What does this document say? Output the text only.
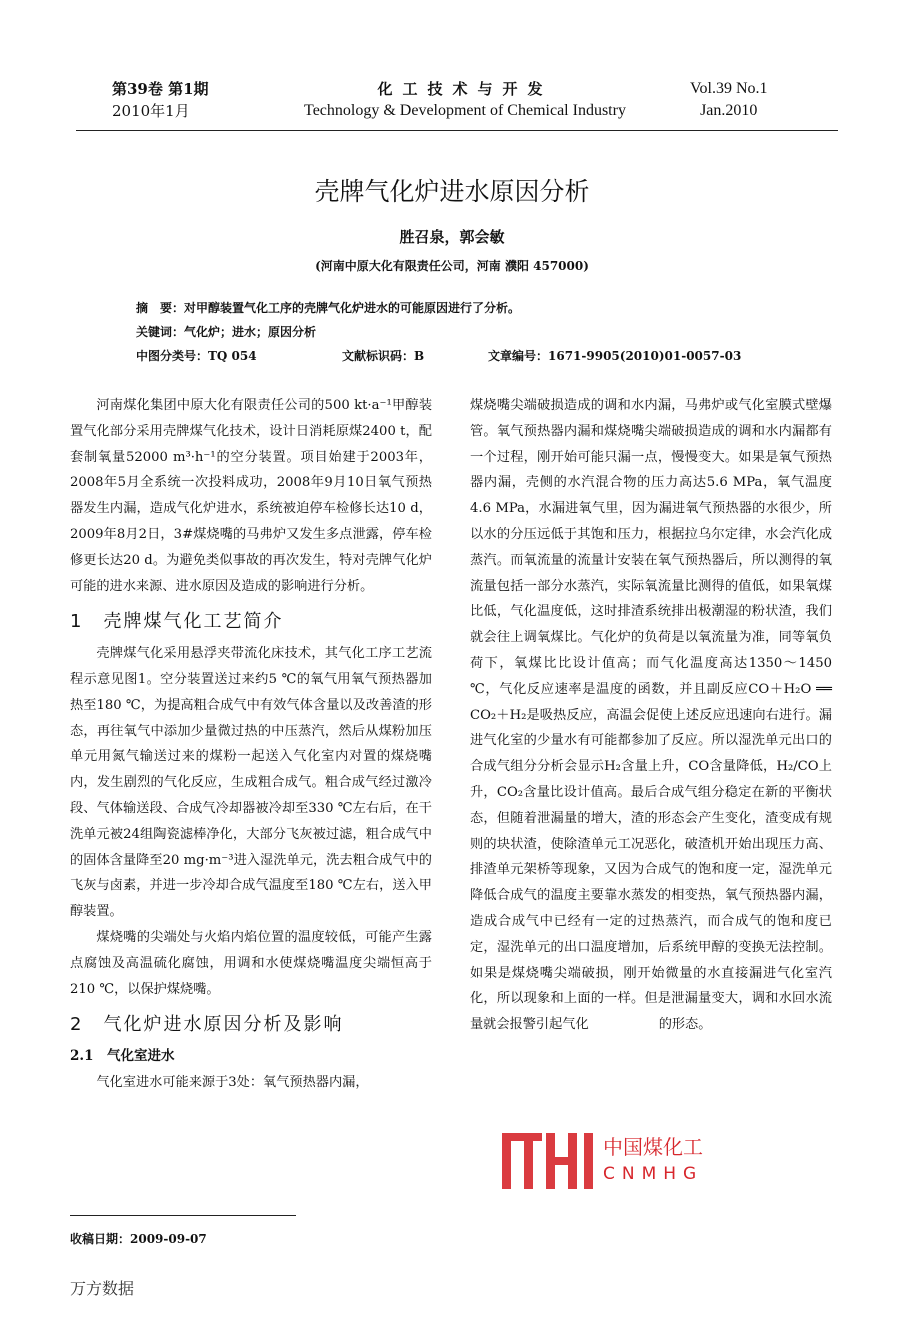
第39卷 第1期
2010年1月
化工技术与开发
Technology & Development of Chemical Industry
Vol.39 No.1
Jan.2010
壳牌气化炉进水原因分析
胜召泉，郭会敏
(河南中原大化有限责任公司，河南 濮阳 457000)
摘　要：对甲醇装置气化工序的壳牌气化炉进水的可能原因进行了分析。
关键词：气化炉；进水；原因分析
中图分类号：TQ 054	文献标识码：B	文章编号：1671-9905(2010)01-0057-03

河南煤化集团中原大化有限责任公司的500 kt·a⁻¹甲醇装置气化部分采用壳牌煤气化技术，设计日消耗原煤2400 t，配套制氧量52000 m³·h⁻¹的空分装置。项目始建于2003年，2008年5月全系统一次投料成功，2008年9月10日氧气预热器发生内漏，造成气化炉进水，系统被迫停车检修长达10 d，2009年8月2日，3#煤烧嘴的马弗炉又发生多点泄露，停车检修更长达20 d。为避免类似事故的再次发生，特对壳牌气化炉可能的进水来源、进水原因及造成的影响进行分析。

1　壳牌煤气化工艺简介

壳牌煤气化采用悬浮夹带流化床技术，其气化工序工艺流程示意见图1。空分装置送过来约5 ℃的氧气用氧气预热器加热至180 ℃，为提高粗合成气中有效气体含量以及改善渣的形态，再往氧气中添加少量微过热的中压蒸汽，然后从煤粉加压单元用氮气输送过来的煤粉一起送入气化室内对置的煤烧嘴内，发生剧烈的气化反应，生成粗合成气。粗合成气经过激冷段、气体输送段、合成气冷却器被冷却至330 ℃左右后，在干洗单元被24组陶瓷滤棒净化，大部分飞灰被过滤，粗合成气中的固体含量降至20 mg·m⁻³进入湿洗单元，洗去粗合成气中的飞灰与卤素，并进一步冷却合成气温度至180 ℃左右，送入甲醇装置。

煤烧嘴的尖端处与火焰内焰位置的温度较低，可能产生露点腐蚀及高温硫化腐蚀，用调和水使煤烧嘴温度尖端恒高于210 ℃，以保护煤烧嘴。

2　气化炉进水原因分析及影响
2.1　气化室进水

气化室进水可能来源于3处：氧气预热器内漏，

煤烧嘴尖端破损造成的调和水内漏，马弗炉或气化室膜式壁爆管。氧气预热器内漏和煤烧嘴尖端破损造成的调和水内漏都有一个过程，刚开始可能只漏一点，慢慢变大。如果是氧气预热器内漏，壳侧的水汽混合物的压力高达5.6 MPa，氧气温度4.6 MPa，水漏进氧气里，因为漏进氧气预热器的水很少，所以水的分压远低于其饱和压力，根据拉乌尔定律，水会汽化成蒸汽。而氧流量的流量计安装在氧气预热器后，所以测得的氧流量包括一部分水蒸汽，实际氧流量比测得的值低，如果氧煤比低，气化温度低，这时排渣系统排出极潮湿的粉状渣，我们就会往上调氧煤比。气化炉的负荷是以氧流量为准，同等氧负荷下，氧煤比比设计值高；而气化温度高达1350～1450 ℃，气化反应速率是温度的函数，并且副反应CO＋H₂O ══ CO₂＋H₂是吸热反应，高温会促使上述反应迅速向右进行。漏进气化室的少量水有可能都参加了反应。所以湿洗单元出口的合成气组分分析会显示H₂含量上升，CO含量降低，H₂/CO上升，CO₂含量比设计值高。最后合成气组分稳定在新的平衡状态，但随着泄漏量的增大，渣的形态会产生变化，渣变成有规则的块状渣，使除渣单元工况恶化，破渣机开始出现压力高、排渣单元架桥等现象，又因为合成气的饱和度一定，湿洗单元降低合成气的温度主要靠水蒸发的相变热，氧气预热器内漏，造成合成气中已经有一定的过热蒸汽，而合成气的饱和度已定，湿洗单元的出口温度增加，后系统甲醇的变换无法控制。如果是煤烧嘴尖端破损，刚开始微量的水直接漏进气化室汽化，所以现象和上面的一样。但是泄漏量变大，调和水回水流量就会报警引起气化	的形态。

中国煤化工
CNMHG
收稿日期：2009-09-07
万方数据
